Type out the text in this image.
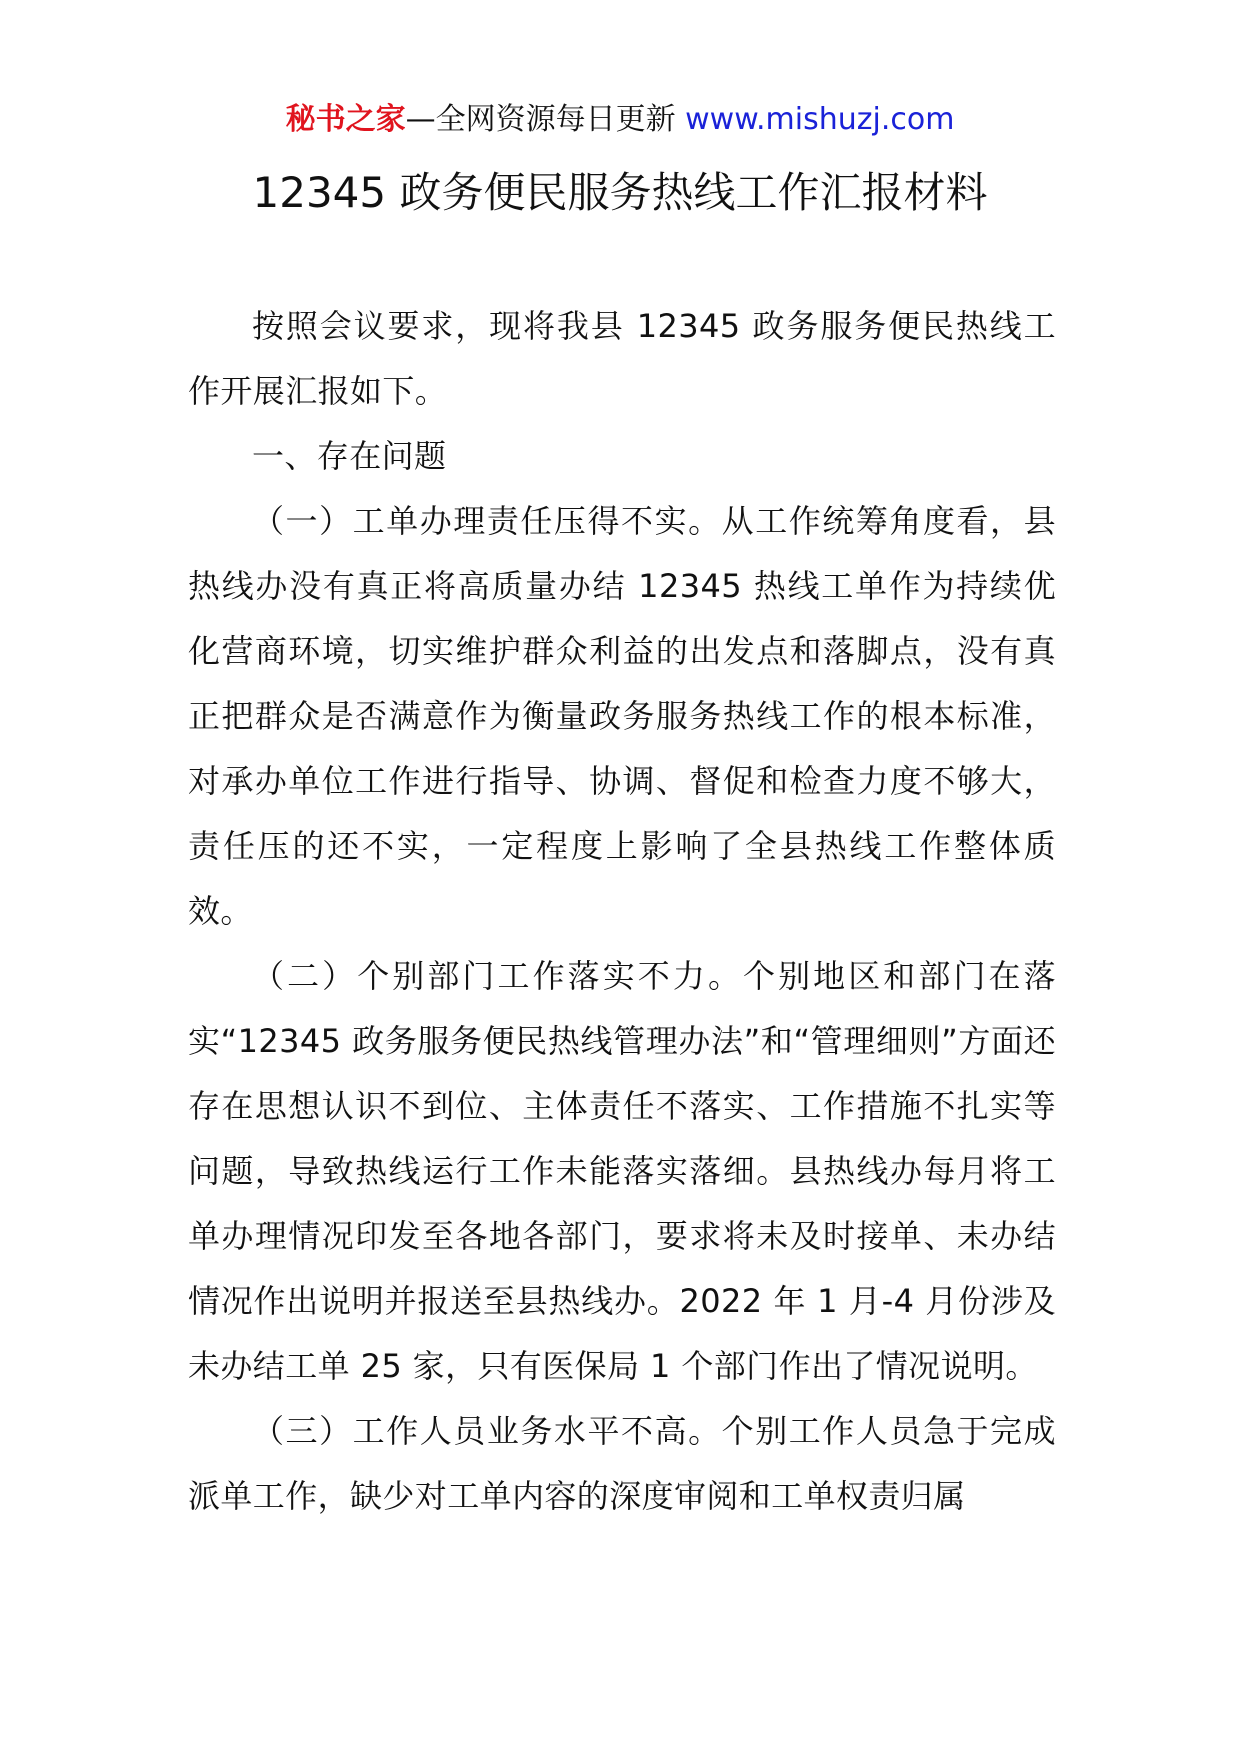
秘书之家—全网资源每日更新 www.mishuzj.com
12345 政务便民服务热线工作汇报材料

按照会议要求，现将我县 12345 政务服务便民热线工作开展汇报如下。

一、存在问题

（一）工单办理责任压得不实。从工作统筹角度看，县热线办没有真正将高质量办结 12345 热线工单作为持续优化营商环境，切实维护群众利益的出发点和落脚点，没有真正把群众是否满意作为衡量政务服务热线工作的根本标准，对承办单位工作进行指导、协调、督促和检查力度不够大，责任压的还不实，一定程度上影响了全县热线工作整体质效。

（二）个别部门工作落实不力。个别地区和部门在落实“12345 政务服务便民热线管理办法”和“管理细则”方面还存在思想认识不到位、主体责任不落实、工作措施不扎实等问题，导致热线运行工作未能落实落细。县热线办每月将工单办理情况印发至各地各部门，要求将未及时接单、未办结情况作出说明并报送至县热线办。2022 年 1 月-4 月份涉及未办结工单 25 家，只有医保局 1 个部门作出了情况说明。

（三）工作人员业务水平不高。个别工作人员急于完成派单工作，缺少对工单内容的深度审阅和工单权责归属
